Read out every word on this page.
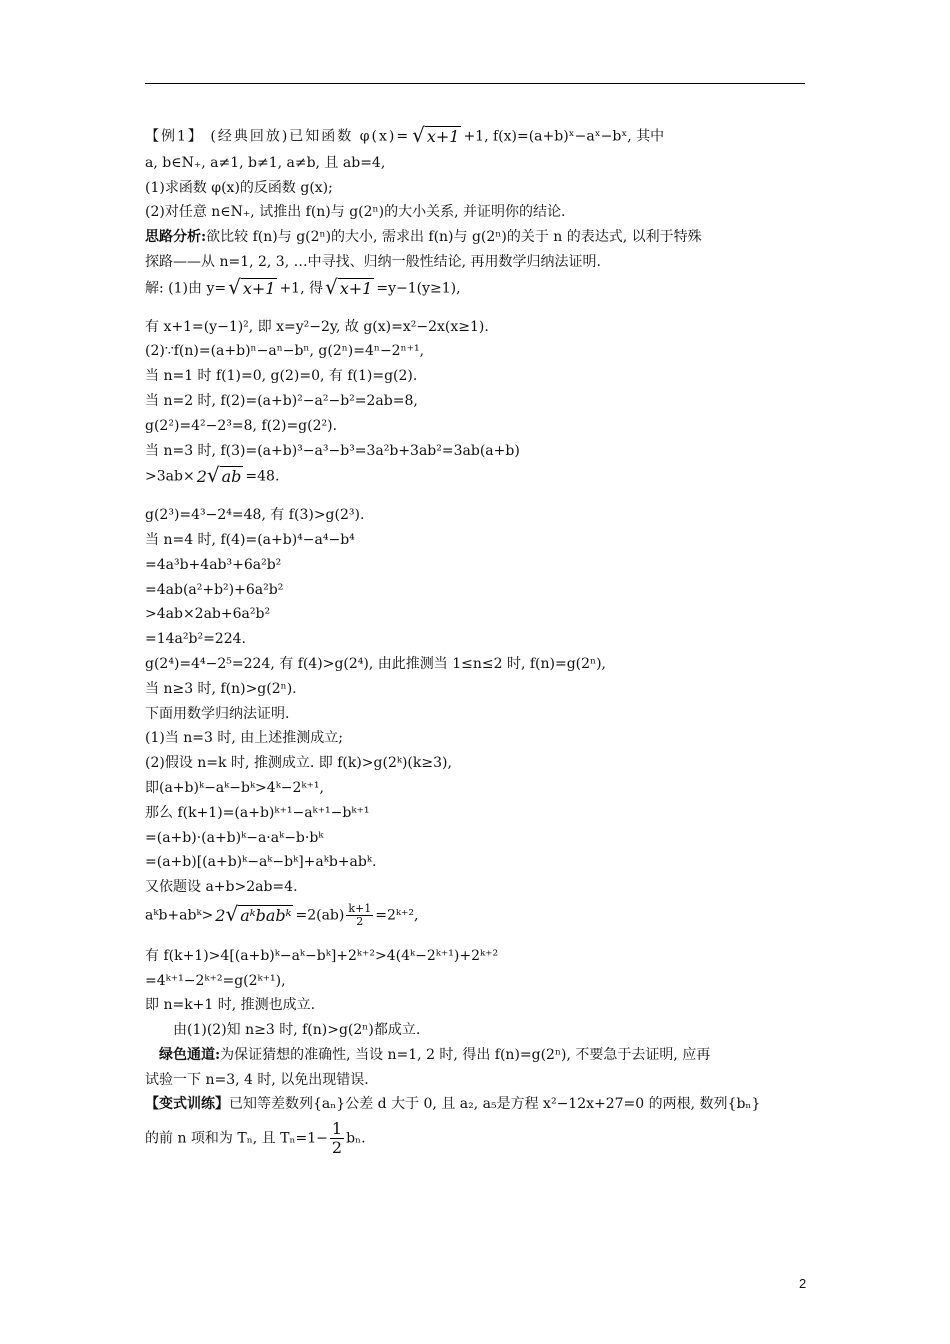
【例1】 (经典回放)已知函数 φ(x)= √ x+1 +1, f(x)=(a+b)ˣ−aˣ−bˣ, 其中
a, b∈N₊, a≠1, b≠1, a≠b, 且 ab=4,
(1)求函数 φ(x)的反函数 g(x);
(2)对任意 n∈N₊, 试推出 f(n)与 g(2ⁿ)的大小关系, 并证明你的结论.
思路分析:欲比较 f(n)与 g(2ⁿ)的大小, 需求出 f(n)与 g(2ⁿ)的关于 n 的表达式, 以利于特殊
探路——从 n=1, 2, 3, …中寻找、归纳一般性结论, 再用数学归纳法证明.
解: (1)由 y= √ x+1 +1, 得 √ x+1 =y−1(y≥1),
有 x+1=(y−1)², 即 x=y²−2y, 故 g(x)=x²−2x(x≥1).
(2)∵f(n)=(a+b)ⁿ−aⁿ−bⁿ, g(2ⁿ)=4ⁿ−2ⁿ⁺¹,
当 n=1 时 f(1)=0, g(2)=0, 有 f(1)=g(2).
当 n=2 时, f(2)=(a+b)²−a²−b²=2ab=8,
g(2²)=4²−2³=8, f(2)=g(2²).
当 n=3 时, f(3)=(a+b)³−a³−b³=3a²b+3ab²=3ab(a+b)
>3ab× 2√ ab =48.
g(2³)=4³−2⁴=48, 有 f(3)>g(2³).
当 n=4 时, f(4)=(a+b)⁴−a⁴−b⁴
=4a³b+4ab³+6a²b²
=4ab(a²+b²)+6a²b²
>4ab×2ab+6a²b²
=14a²b²=224.
g(2⁴)=4⁴−2⁵=224, 有 f(4)>g(2⁴), 由此推测当 1≤n≤2 时, f(n)=g(2ⁿ),
当 n≥3 时, f(n)>g(2ⁿ).
下面用数学归纳法证明.
(1)当 n=3 时, 由上述推测成立;
(2)假设 n=k 时, 推测成立. 即 f(k)>g(2ᵏ)(k≥3),
即(a+b)ᵏ−aᵏ−bᵏ>4ᵏ−2ᵏ⁺¹,
那么 f(k+1)=(a+b)ᵏ⁺¹−aᵏ⁺¹−bᵏ⁺¹
=(a+b)·(a+b)ᵏ−a·aᵏ−b·bᵏ
=(a+b)[(a+b)ᵏ−aᵏ−bᵏ]+aᵏb+abᵏ.
又依题设 a+b>2ab=4.
aᵏb+abᵏ> 2√ aᵏbabᵏ $=2(ab) \frac{k+1}{2}$ =2ᵏ⁺²,
有 f(k+1)>4[(a+b)ᵏ−aᵏ−bᵏ]+2ᵏ⁺²>4(4ᵏ−2ᵏ⁺¹)+2ᵏ⁺²
=4ᵏ⁺¹−2ᵏ⁺²=g(2ᵏ⁺¹),
即 n=k+1 时, 推测也成立.
由(1)(2)知 n≥3 时, f(n)>g(2ⁿ)都成立.
绿色通道:为保证猜想的准确性, 当设 n=1, 2 时, 得出 f(n)=g(2ⁿ), 不要急于去证明, 应再
试验一下 n=3, 4 时, 以免出现错误.
【变式训练】已知等差数列{aₙ}公差 d 大于 0, 且 a₂, a₅是方程 x²−12x+27=0 的两根, 数列{bₙ}
的前 n 项和为 Tₙ, 且 $T_n=1- \frac{1}{2} b_n$.
2
